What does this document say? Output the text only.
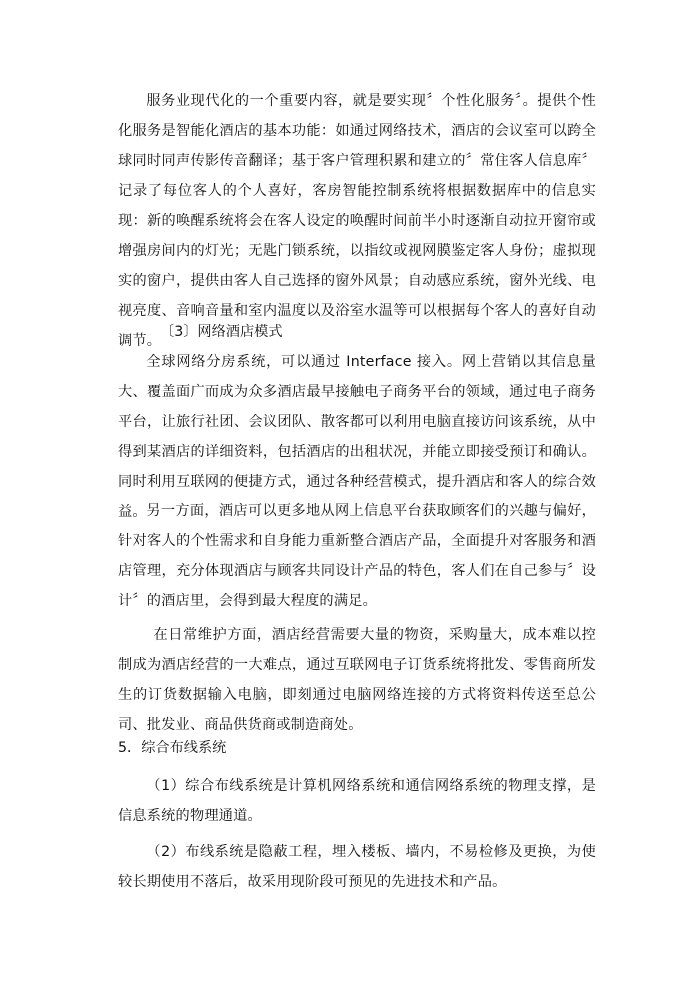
服务业现代化的一个重要内容，就是要实现〞个性化服务〞。提供个性化服务是智能化酒店的基本功能：如通过网络技术，酒店的会议室可以跨全球同时同声传影传音翻译；基于客户管理积累和建立的〞常住客人信息库〞记录了每位客人的个人喜好，客房智能控制系统将根据数据库中的信息实现：新的唤醒系统将会在客人设定的唤醒时间前半小时逐渐自动拉开窗帘或增强房间内的灯光；无匙门锁系统，以指纹或视网膜鉴定客人身份；虚拟现实的窗户，提供由客人自己选择的窗外风景；自动感应系统，窗外光线、电视亮度、音响音量和室内温度以及浴室水温等可以根据每个客人的喜好自动调节。

〔3〕网络酒店模式

全球网络分房系统，可以通过 Interface 接入。网上营销以其信息量大、覆盖面广而成为众多酒店最早接触电子商务平台的领域，通过电子商务平台，让旅行社团、会议团队、散客都可以利用电脑直接访问该系统，从中得到某酒店的详细资料，包括酒店的出租状况，并能立即接受预订和确认。同时利用互联网的便捷方式，通过各种经营模式，提升酒店和客人的综合效益。 另一方面，酒店可以更多地从网上信息平台获取顾客们的兴趣与偏好，针对客人的个性需求和自身能力重新整合酒店产品，全面提升对客服务和酒店管理，充分体现酒店与顾客共同设计产品的特色，客人们在自己参与〞设计〞的酒店里，会得到最大程度的满足。

在日常维护方面，酒店经营需要大量的物资，采购量大，成本难以控制成为酒店经营的一大难点，通过互联网电子订货系统将批发、零售商所发生的订货数据输入电脑，即刻通过电脑网络连接的方式将资料传送至总公司、批发业、商品供货商或制造商处。

5．综合布线系统

（1）综合布线系统是计算机网络系统和通信网络系统的物理支撑，是信息系统的物理通道。

（2）布线系统是隐蔽工程，埋入楼板、墙内，不易检修及更换，为使较长期使用不落后，故采用现阶段可预见的先进技术和产品。
